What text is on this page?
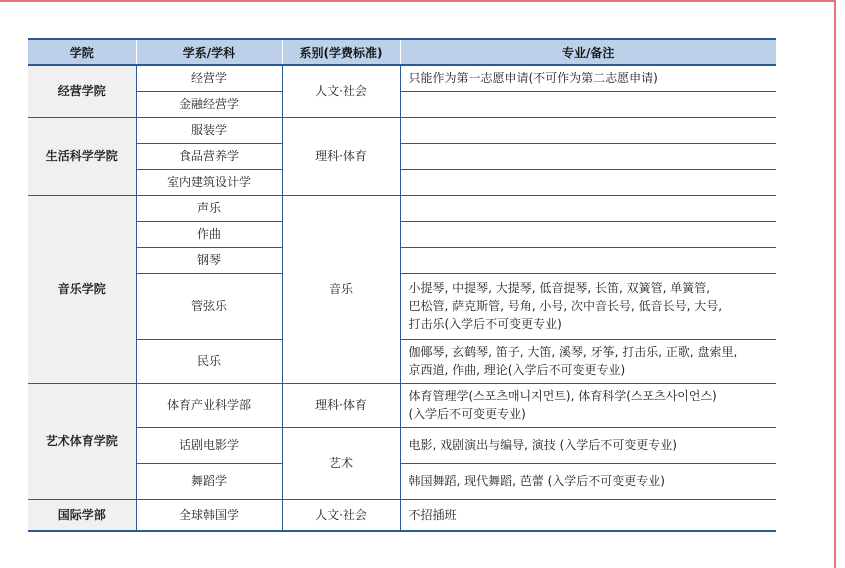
学院	学系/学科	系别(学费标准)	专业/备注
经营学院	经营学	人文·社会	只能作为第一志愿申请(不可作为第二志愿申请)
	金融经营学		
生活科学学院	服装学	理科·体育	
	食品营养学		
	室内建筑设计学		
音乐学院	声乐	音乐	
	作曲		
	钢琴		
	管弦乐		小提琴, 中提琴, 大提琴, 低音提琴, 长笛, 双簧管, 单簧管,
巴松管, 萨克斯管, 号角, 小号, 次中音长号, 低音长号, 大号,
打击乐(入学后不可变更专业)

	民乐		伽倻琴, 玄鹤琴, 笛子, 大笛, 溪琴, 牙筝, 打击乐, 正歌, 盘索里,
京西道, 作曲, 理论(入学后不可变更专业)

艺术体育学院	体育产业科学部	理科·体育	体育管理学(스포츠매니지먼트), 体育科学(스포츠사이언스)
(入学后不可变更专业)

	话剧电影学	艺术	电影, 戏剧演出与编导, 演技 (入学后不可变更专业)
	舞蹈学		韩国舞蹈, 现代舞蹈, 芭蕾 (入学后不可变更专业)
国际学部	全球韩国学	人文·社会	不招插班
